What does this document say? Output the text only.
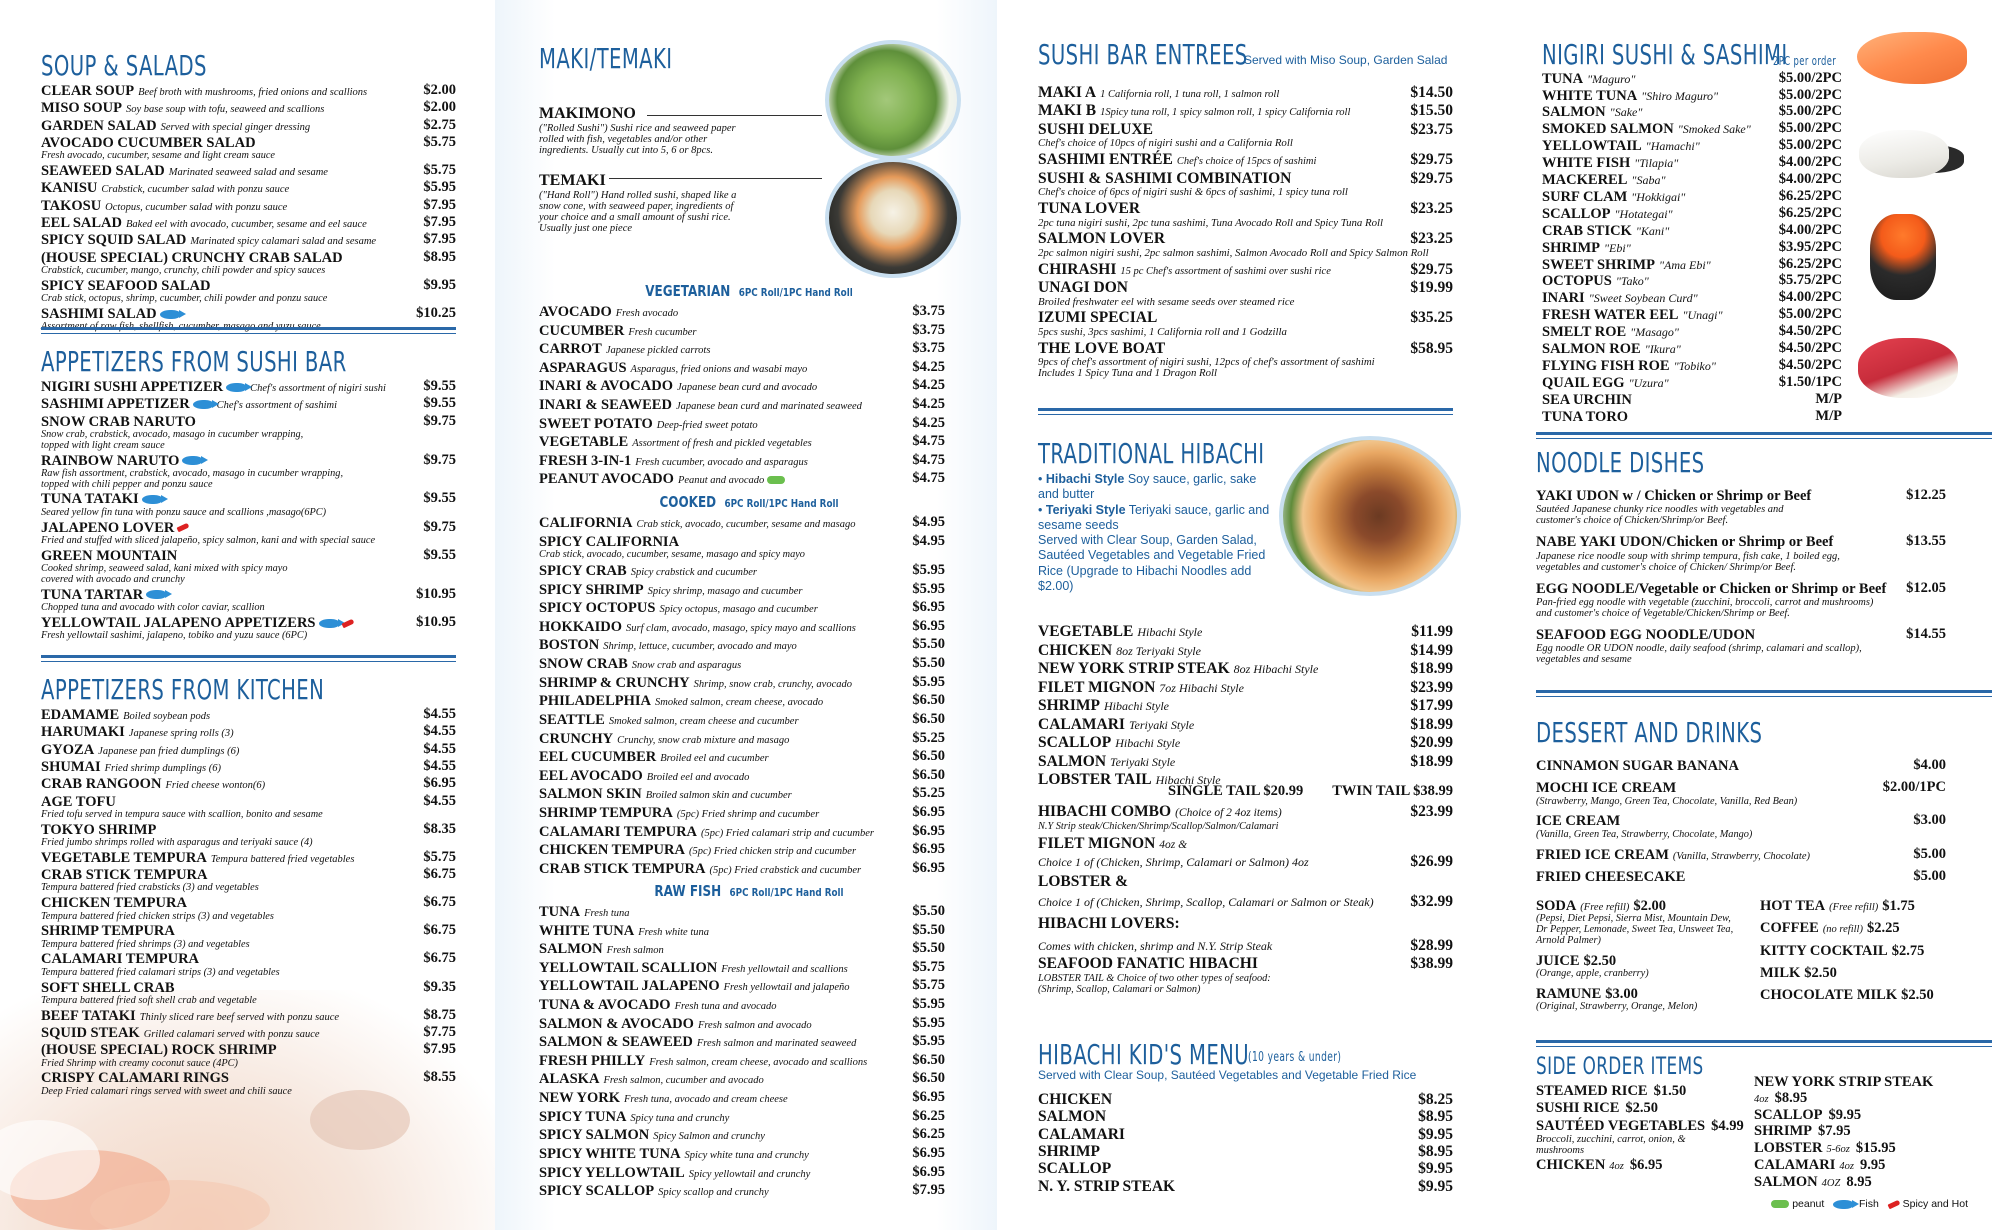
SOUP & SALADS
CLEAR SOUP Beef broth with mushrooms, fried onions and scallions	$2.00
MISO SOUP Soy base soup with tofu, seaweed and scallions	$2.00
GARDEN SALAD Served with special ginger dressing	$2.75
AVOCADO CUCUMBER SALAD	$5.75
Fresh avocado, cucumber, sesame and light cream sauce
SEAWEED SALAD Marinated seaweed salad and sesame	$5.75
KANISU Crabstick, cucumber salad with ponzu sauce	$5.95
TAKOSU Octopus, cucumber salad with ponzu sauce	$7.95
EEL SALAD Baked eel with avocado, cucumber, sesame and eel sauce	$7.95
SPICY SQUID SALAD Marinated spicy calamari salad and sesame	$7.95
(HOUSE SPECIAL) CRUNCHY CRAB SALAD	$8.95
Crabstick, cucumber, mango, crunchy, chili powder and spicy sauces
SPICY SEAFOOD SALAD	$9.95
Crab stick, octopus, shrimp, cucumber, chili powder and ponzu sauce
SASHIMI SALAD	$10.25
Assortment of raw fish, shellfish, cucumber, masago and yuzu sauce
APPETIZERS FROM SUSHI BAR
NIGIRI SUSHI APPETIZER	Chef's assortment of nigiri sushi	$9.55
SASHIMI APPETIZER	Chef's assortment of sashimi	$9.55
SNOW CRAB NARUTO	$9.75
Snow crab, crabstick, avocado, masago in cucumber wrapping,
topped with light cream sauce
RAINBOW NARUTO	$9.75
Raw fish assortment, crabstick, avocado, masago in cucumber wrapping,
topped with chili pepper and ponzu sauce
TUNA TATAKI	$9.55
Seared yellow fin tuna with ponzu sauce and scallions ,masago(6PC)
JALAPENO LOVER	$9.75
Fried and stuffed with sliced jalapeño, spicy salmon, kani and with special sauce
GREEN MOUNTAIN	$9.55
Cooked shrimp, seaweed salad, kani mixed with spicy mayo
covered with avocado and crunchy
TUNA TARTAR	$10.95
Chopped tuna and avocado with color caviar, scallion
YELLOWTAIL JALAPENO APPETIZERS	$10.95
Fresh yellowtail sashimi, jalapeno, tobiko and yuzu sauce (6PC)
APPETIZERS FROM KITCHEN
EDAMAME Boiled soybean pods	$4.55
HARUMAKI Japanese spring rolls (3)	$4.55
GYOZA Japanese pan fried dumplings (6)	$4.55
SHUMAI Fried shrimp dumplings (6)	$4.55
CRAB RANGOON Fried cheese wonton(6)	$6.95
AGE TOFU	$4.55
Fried tofu served in tempura sauce with scallion, bonito and sesame
TOKYO SHRIMP	$8.35
Fried jumbo shrimps rolled with asparagus and teriyaki sauce (4)
VEGETABLE TEMPURA Tempura battered fried vegetables	$5.75
CRAB STICK TEMPURA	$6.75
Tempura battered fried crabsticks (3) and vegetables
CHICKEN TEMPURA	$6.75
Tempura battered fried chicken strips (3) and vegetables
SHRIMP TEMPURA	$6.75
Tempura battered fried shrimps (3) and vegetables
CALAMARI TEMPURA	$6.75
Tempura battered fried calamari strips (3) and vegetables
SOFT SHELL CRAB	$9.35
Tempura battered fried soft shell crab and vegetable
BEEF TATAKI Thinly sliced rare beef served with ponzu sauce	$8.75
SQUID STEAK Grilled calamari served with ponzu sauce	$7.75
(HOUSE SPECIAL) ROCK SHRIMP	$7.95
Fried Shrimp with creamy coconut sauce (4PC)
CRISPY CALAMARI RINGS	$8.55
Deep Fried calamari rings served with sweet and chili sauce
MAKI/TEMAKI
MAKIMONO
("Rolled Sushi") Sushi rice and seaweed paper rolled with fish, vegetables and/or other ingredients. Usually cut into 5, 6 or 8pcs.
TEMAKI
("Hand Roll") Hand rolled sushi, shaped like a snow cone, with seaweed paper, ingredients of your choice and a small amount of sushi rice. Usually just one piece
VEGETARIAN 6PC Roll/1PC Hand Roll
AVOCADO Fresh avocado	$3.75
CUCUMBER Fresh cucumber	$3.75
CARROT Japanese pickled carrots	$3.75
ASPARAGUS Asparagus, fried onions and wasabi mayo	$4.25
INARI & AVOCADO Japanese bean curd and avocado	$4.25
INARI & SEAWEED Japanese bean curd and marinated seaweed	$4.25
SWEET POTATO Deep-fried sweet potato	$4.25
VEGETABLE Assortment of fresh and pickled vegetables	$4.75
FRESH 3-IN-1 Fresh cucumber, avocado and asparagus	$4.75
PEANUT AVOCADO Peanut and avocado	$4.75
COOKED 6PC Roll/1PC Hand Roll
CALIFORNIA Crab stick, avocado, cucumber, sesame and masago	$4.95
SPICY CALIFORNIA	$4.95
Crab stick, avocado, cucumber, sesame, masago and spicy mayo
SPICY CRAB Spicy crabstick and cucumber	$5.95
SPICY SHRIMP Spicy shrimp, masago and cucumber	$5.95
SPICY OCTOPUS Spicy octopus, masago and cucumber	$6.95
HOKKAIDO Surf clam, avocado, masago, spicy mayo and scallions	$6.95
BOSTON Shrimp, lettuce, cucumber, avocado and mayo	$5.50
SNOW CRAB Snow crab and asparagus	$5.50
SHRIMP & CRUNCHY Shrimp, snow crab, crunchy, avocado	$5.95
PHILADELPHIA Smoked salmon, cream cheese, avocado	$6.50
SEATTLE Smoked salmon, cream cheese and cucumber	$6.50
CRUNCHY Crunchy, snow crab mixture and masago	$5.25
EEL CUCUMBER Broiled eel and cucumber	$6.50
EEL AVOCADO Broiled eel and avocado	$6.50
SALMON SKIN Broiled salmon skin and cucumber	$5.25
SHRIMP TEMPURA (5pc) Fried shrimp and cucumber	$6.95
CALAMARI TEMPURA (5pc) Fried calamari strip and cucumber	$6.95
CHICKEN TEMPURA (5pc) Fried chicken strip and cucumber	$6.95
CRAB STICK TEMPURA (5pc) Fried crabstick and cucumber	$6.95
RAW FISH 6PC Roll/1PC Hand Roll
TUNA Fresh tuna	$5.50
WHITE TUNA Fresh white tuna	$5.50
SALMON Fresh salmon	$5.50
YELLOWTAIL SCALLION Fresh yellowtail and scallions	$5.75
YELLOWTAIL JALAPENO Fresh yellowtail and jalapeño	$5.75
TUNA & AVOCADO Fresh tuna and avocado	$5.95
SALMON & AVOCADO Fresh salmon and avocado	$5.95
SALMON & SEAWEED Fresh salmon and marinated seaweed	$5.95
FRESH PHILLY Fresh salmon, cream cheese, avocado and scallions	$6.50
ALASKA Fresh salmon, cucumber and avocado	$6.50
NEW YORK Fresh tuna, avocado and cream cheese	$6.95
SPICY TUNA Spicy tuna and crunchy	$6.25
SPICY SALMON Spicy Salmon and crunchy	$6.25
SPICY WHITE TUNA Spicy white tuna and crunchy	$6.95
SPICY YELLOWTAIL Spicy yellowtail and crunchy	$6.95
SPICY SCALLOP Spicy scallop and crunchy	$7.95
SUSHI BAR ENTREES
Served with Miso Soup, Garden Salad
MAKI A 1 California roll, 1 tuna roll, 1 salmon roll	$14.50
MAKI B 1Spicy tuna roll, 1 spicy salmon roll, 1 spicy California roll	$15.50
SUSHI DELUXE	$23.75
Chef's choice of 10pcs of nigiri sushi and a California Roll
SASHIMI ENTRÉE Chef's choice of 15pcs of sashimi	$29.75
SUSHI & SASHIMI COMBINATION	$29.75
Chef's choice of 6pcs of nigiri sushi & 6pcs of sashimi, 1 spicy tuna roll
TUNA LOVER	$23.25
2pc tuna nigiri sushi, 2pc tuna sashimi, Tuna Avocado Roll and Spicy Tuna Roll
SALMON LOVER	$23.25
2pc salmon nigiri sushi, 2pc salmon sashimi, Salmon Avocado Roll and Spicy Salmon Roll
CHIRASHI 15 pc Chef's assortment of sashimi over sushi rice	$29.75
UNAGI DON	$19.99
Broiled freshwater eel with sesame seeds over steamed rice
IZUMI SPECIAL	$35.25
5pcs sushi, 3pcs sashimi, 1 California roll and 1 Godzilla
THE LOVE BOAT	$58.95
9pcs of chef's assortment of nigiri sushi, 12pcs of chef's assortment of sashimi
Includes 1 Spicy Tuna and 1 Dragon Roll
TRADITIONAL HIBACHI
• Hibachi Style Soy sauce, garlic, sake and butter
• Teriyaki Style Teriyaki sauce, garlic and sesame seeds
Served with Clear Soup, Garden Salad, Sautéed Vegetables and Vegetable Fried Rice (Upgrade to Hibachi Noodles add $2.00)
VEGETABLE Hibachi Style	$11.99
CHICKEN 8oz Teriyaki Style	$14.99
NEW YORK STRIP STEAK 8oz Hibachi Style	$18.99
FILET MIGNON 7oz Hibachi Style	$23.99
SHRIMP Hibachi Style	$17.99
CALAMARI Teriyaki Style	$18.99
SCALLOP Hibachi Style	$20.99
SALMON Teriyaki Style	$18.99
LOBSTER TAIL Hibachi Style
SINGLE TAIL $20.99 TWIN TAIL $38.99
HIBACHI COMBO (Choice of 2 4oz items)	$23.99
N.Y Strip steak/Chicken/Shrimp/Scallop/Salmon/Calamari
FILET MIGNON 4oz &
Choice 1 of (Chicken, Shrimp, Calamari or Salmon) 4oz	$26.99
LOBSTER &
Choice 1 of (Chicken, Shrimp, Scallop, Calamari or Salmon or Steak) $32.99
HIBACHI LOVERS:
Comes with chicken, shrimp and N.Y. Strip Steak	$28.99
SEAFOOD FANATIC HIBACHI	$38.99
LOBSTER TAIL & Choice of two other types of seafood:
(Shrimp, Scallop, Calamari or Salmon)
HIBACHI KID'S MENU
(10 years & under)
Served with Clear Soup, Sautéed Vegetables and Vegetable Fried Rice
CHICKEN	$8.25
SALMON	$8.95
CALAMARI	$9.95
SHRIMP	$8.95
SCALLOP	$9.95
N. Y. STRIP STEAK	$9.95
NIGIRI SUSHI & SASHIMI
2PC per order
TUNA "Maguro"	$5.00/2PC
WHITE TUNA "Shiro Maguro"	$5.00/2PC
SALMON "Sake"	$5.00/2PC
SMOKED SALMON "Smoked Sake" $5.00/2PC
YELLOWTAIL "Hamachi"	$5.00/2PC
WHITE FISH "Tilapia"	$4.00/2PC
MACKEREL "Saba"	$4.00/2PC
SURF CLAM "Hokkigai"	$6.25/2PC
SCALLOP "Hotategai"	$6.25/2PC
CRAB STICK "Kani"	$4.00/2PC
SHRIMP "Ebi"	$3.95/2PC
SWEET SHRIMP "Ama Ebi"	$6.25/2PC
OCTOPUS "Tako"	$5.75/2PC
INARI "Sweet Soybean Curd"	$4.00/2PC
FRESH WATER EEL "Unagi"	$5.00/2PC
SMELT ROE "Masago"	$4.50/2PC
SALMON ROE "Ikura"	$4.50/2PC
FLYING FISH ROE "Tobiko"	$4.50/2PC
QUAIL EGG "Uzura"	$1.50/1PC
SEA URCHIN	M/P
TUNA TORO	M/P
NOODLE DISHES
YAKI UDON w / Chicken or Shrimp or Beef	$12.25
Sautéed Japanese chunky rice noodles with vegetables and
customer's choice of Chicken/Shrimp/or Beef.
NABE YAKI UDON/Chicken or Shrimp or Beef	$13.55
Japanese rice noodle soup with shrimp tempura, fish cake, 1 boiled egg,
vegetables and customer's choice of Chicken/ Shrimp/or Beef.
EGG NOODLE/Vegetable or Chicken or Shrimp or Beef $12.05
Pan-fried egg noodle with vegetable (zucchini, broccoli, carrot and mushrooms)
and customer's choice of Vegetable/Chicken/Shrimp or Beef.
SEAFOOD EGG NOODLE/UDON	$14.55
Egg noodle OR UDON noodle, daily seafood (shrimp, calamari and scallop),
vegetables and sesame
DESSERT AND DRINKS
CINNAMON SUGAR BANANA	$4.00
MOCHI ICE CREAM	$2.00/1PC
(Strawberry, Mango, Green Tea, Chocolate, Vanilla, Red Bean)
ICE CREAM	$3.00
(Vanilla, Green Tea, Strawberry, Chocolate, Mango)
FRIED ICE CREAM (Vanilla, Strawberry, Chocolate)	$5.00
FRIED CHEESECAKE	$5.00
SODA (Free refill) $2.00
(Pepsi, Diet Pepsi, Sierra Mist, Mountain Dew, Dr Pepper, Lemonade, Sweet Tea, Unsweet Tea, Arnold Palmer)
JUICE $2.50
(Orange, apple, cranberry)
RAMUNE $3.00
(Original, Strawberry, Orange, Melon)
HOT TEA (Free refill) $1.75
COFFEE (no refill) $2.25
KITTY COCKTAIL $2.75
MILK $2.50
CHOCOLATE MILK $2.50
SIDE ORDER ITEMS
STEAMED RICE $1.50
SUSHI RICE $2.50
SAUTÉED VEGETABLES $4.99
Broccoli, zucchini, carrot, onion, &
mushrooms
CHICKEN 4oz $6.95
NEW YORK STRIP STEAK 4oz $8.95
SCALLOP $9.95
SHRIMP $7.95
LOBSTER 5-6oz $15.95
CALAMARI 4oz 9.95
SALMON 4OZ 8.95
peanut	Fish Spicy and Hot
